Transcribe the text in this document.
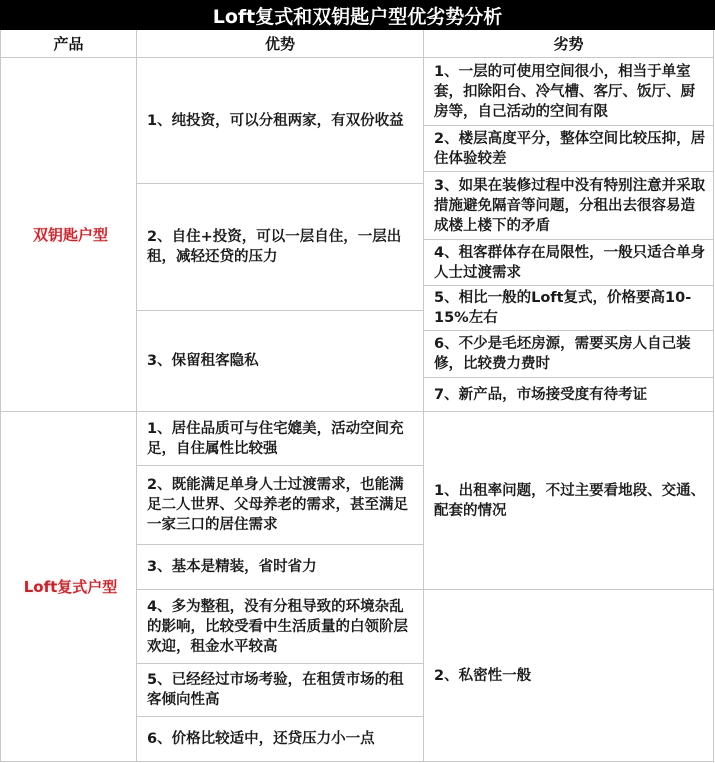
Loft复式和双钥匙户型优劣势分析
产品	优势	劣势
双钥匙户型
1、纯投资，可以分租两家，有双份收益
2、自住+投资，可以一层自住，一层出租，减轻还贷的压力
3、保留租客隐私
1、一层的可使用空间很小，相当于单室套，扣除阳台、冷气槽、客厅、饭厅、厨房等，自己活动的空间有限
2、楼层高度平分，整体空间比较压抑，居住体验较差
3、如果在装修过程中没有特别注意并采取措施避免隔音等问题，分租出去很容易造成楼上楼下的矛盾
4、租客群体存在局限性，一般只适合单身人士过渡需求
5、相比一般的Loft复式，价格要高10-15%左右
6、不少是毛坯房源，需要买房人自己装修，比较费力费时
7、新产品，市场接受度有待考证
Loft复式户型
1、居住品质可与住宅媲美，活动空间充足，自住属性比较强
2、既能满足单身人士过渡需求，也能满足二人世界、父母养老的需求，甚至满足一家三口的居住需求
3、基本是精装，省时省力
4、多为整租，没有分租导致的环境杂乱的影响，比较受看中生活质量的白领阶层欢迎，租金水平较高
5、已经经过市场考验，在租赁市场的租客倾向性高
6、价格比较适中，还贷压力小一点
1、出租率问题，不过主要看地段、交通、配套的情况
2、私密性一般
